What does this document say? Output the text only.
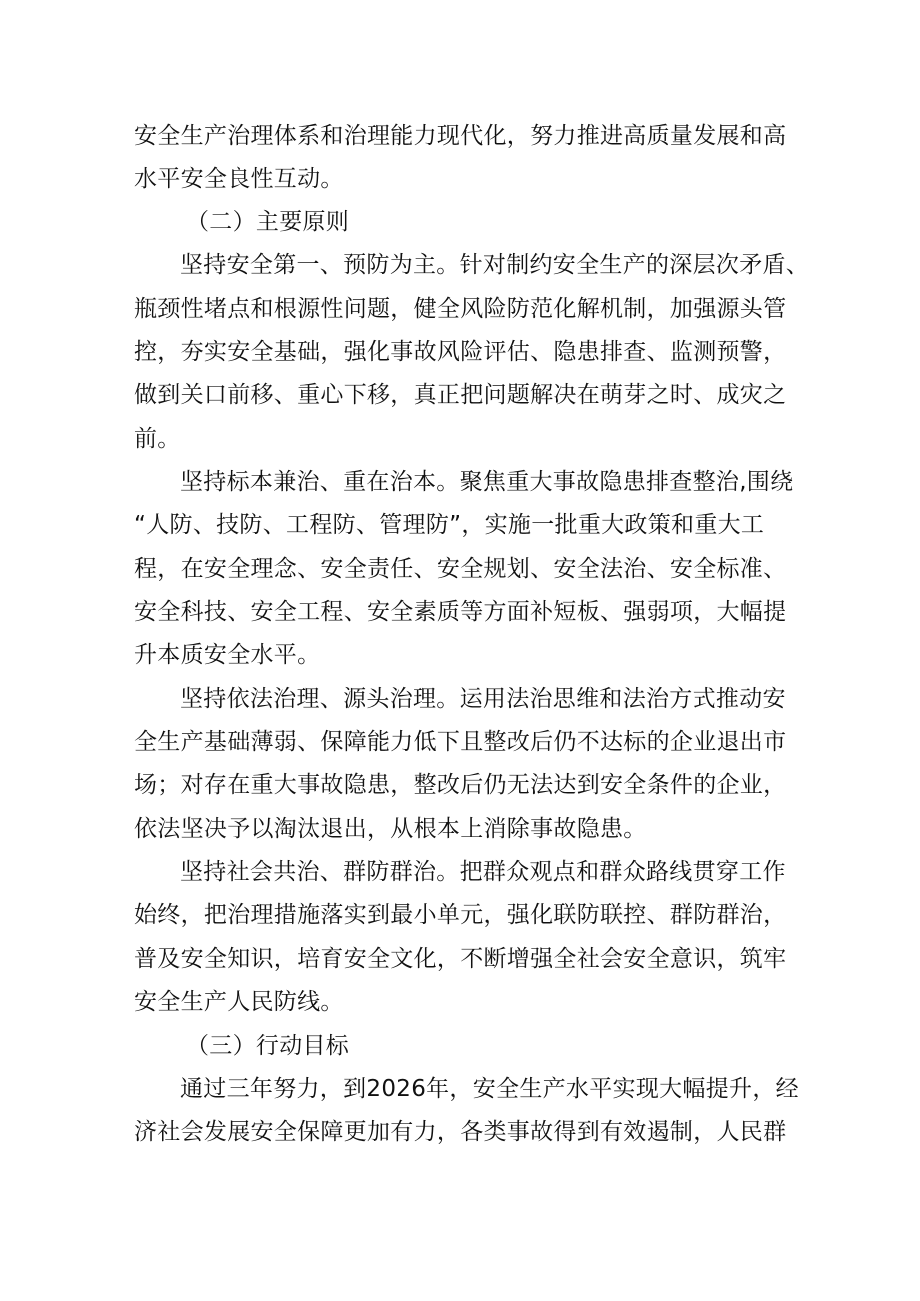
安全生产治理体系和治理能力现代化，努力推进高质量发展和高
水平安全良性互动。
（二）主要原则
坚持安全第一、预防为主。针对制约安全生产的深层次矛盾、
瓶颈性堵点和根源性问题，健全风险防范化解机制，加强源头管
控，夯实安全基础，强化事故风险评估、隐患排查、监测预警，
做到关口前移、重心下移，真正把问题解决在萌芽之时、成灾之
前。
坚持标本兼治、重在治本。聚焦重大事故隐患排查整治,围绕
“人防、技防、工程防、管理防”，实施一批重大政策和重大工
程，在安全理念、安全责任、安全规划、安全法治、安全标准、
安全科技、安全工程、安全素质等方面补短板、强弱项，大幅提
升本质安全水平。
坚持依法治理、源头治理。运用法治思维和法治方式推动安
全生产基础薄弱、保障能力低下且整改后仍不达标的企业退出市
场；对存在重大事故隐患，整改后仍无法达到安全条件的企业，
依法坚决予以淘汰退出，从根本上消除事故隐患。
坚持社会共治、群防群治。把群众观点和群众路线贯穿工作
始终，把治理措施落实到最小单元，强化联防联控、群防群治，
普及安全知识，培育安全文化，不断增强全社会安全意识，筑牢
安全生产人民防线。
（三）行动目标
通过三年努力，到2026年，安全生产水平实现大幅提升，经
济社会发展安全保障更加有力，各类事故得到有效遏制，人民群
